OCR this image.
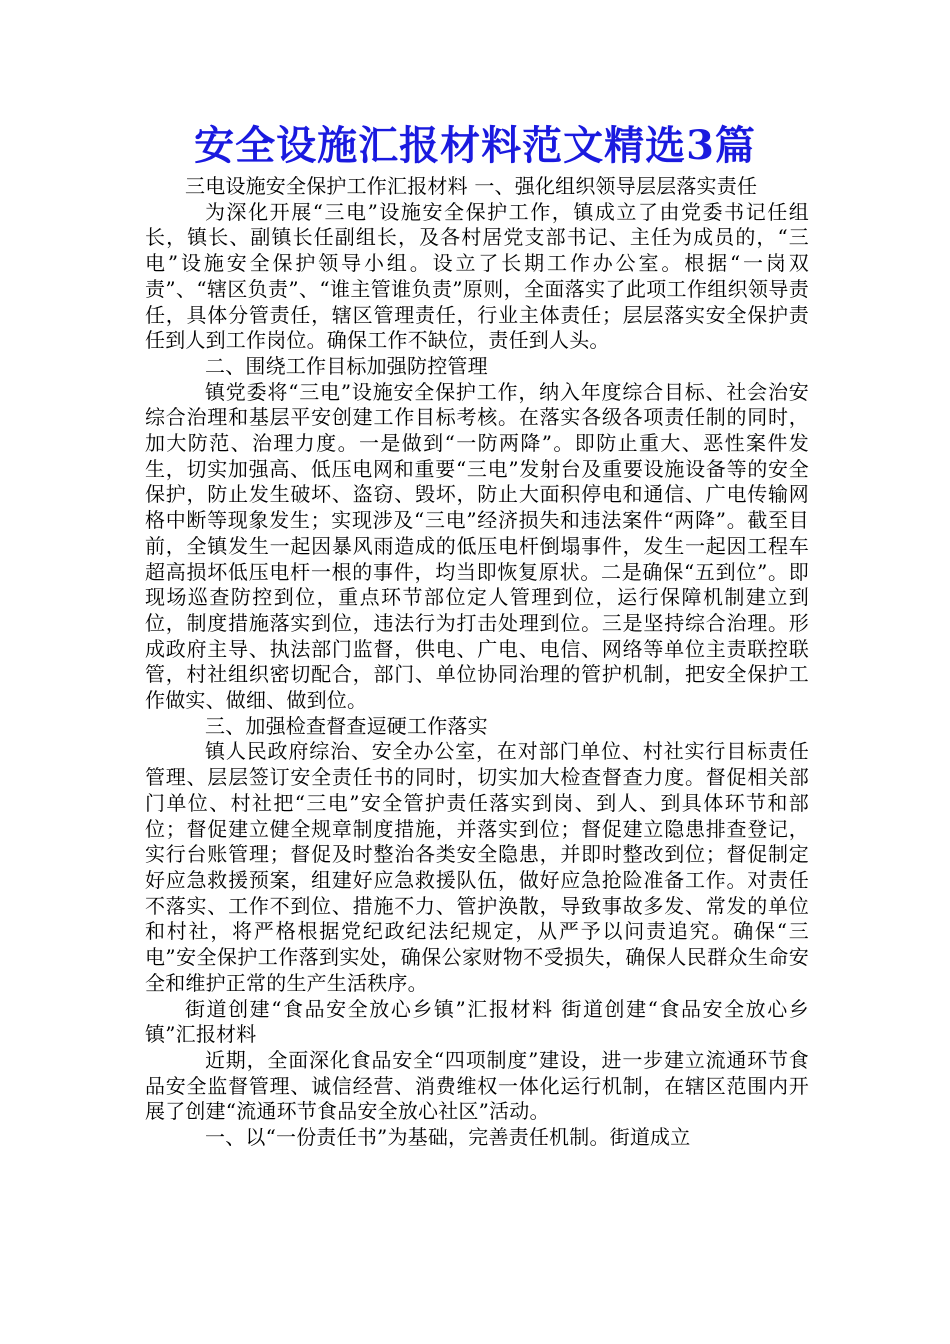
安全设施汇报材料范文精选3篇

三电设施安全保护工作汇报材料 一、强化组织领导层层落实责任

为深化开展“三电”设施安全保护工作，镇成立了由党委书记任组长，镇长、副镇长任副组长，及各村居党支部书记、主任为成员的，“三电”设施安全保护领导小组。设立了长期工作办公室。根据“一岗双责”、“辖区负责”、“谁主管谁负责”原则，全面落实了此项工作组织领导责任，具体分管责任，辖区管理责任，行业主体责任；层层落实安全保护责任到人到工作岗位。确保工作不缺位，责任到人头。

二、围绕工作目标加强防控管理

镇党委将“三电”设施安全保护工作，纳入年度综合目标、社会治安综合治理和基层平安创建工作目标考核。在落实各级各项责任制的同时，加大防范、治理力度。一是做到“一防两降”。即防止重大、恶性案件发生，切实加强高、低压电网和重要“三电”发射台及重要设施设备等的安全保护，防止发生破坏、盗窃、毁坏，防止大面积停电和通信、广电传输网格中断等现象发生；实现涉及“三电”经济损失和违法案件“两降”。截至目前，全镇发生一起因暴风雨造成的低压电杆倒塌事件，发生一起因工程车超高损坏低压电杆一根的事件，均当即恢复原状。二是确保“五到位”。即现场巡查防控到位，重点环节部位定人管理到位，运行保障机制建立到位，制度措施落实到位，违法行为打击处理到位。三是坚持综合治理。形成政府主导、执法部门监督，供电、广电、电信、网络等单位主责联控联管，村社组织密切配合，部门、单位协同治理的管护机制，把安全保护工作做实、做细、做到位。

三、加强检查督查逗硬工作落实

镇人民政府综治、安全办公室，在对部门单位、村社实行目标责任管理、层层签订安全责任书的同时，切实加大检查督查力度。督促相关部门单位、村社把“三电”安全管护责任落实到岗、到人、到具体环节和部位；督促建立健全规章制度措施，并落实到位；督促建立隐患排查登记，实行台账管理；督促及时整治各类安全隐患，并即时整改到位；督促制定好应急救援预案，组建好应急救援队伍，做好应急抢险准备工作。对责任不落实、工作不到位、措施不力、管护涣散，导致事故多发、常发的单位和村社，将严格根据党纪政纪法纪规定，从严予以问责追究。确保“三电”安全保护工作落到实处，确保公家财物不受损失，确保人民群众生命安全和维护正常的生产生活秩序。

街道创建“食品安全放心乡镇”汇报材料 街道创建“食品安全放心乡镇”汇报材料

近期，全面深化食品安全“四项制度”建设，进一步建立流通环节食品安全监督管理、诚信经营、消费维权一体化运行机制，在辖区范围内开展了创建“流通环节食品安全放心社区”活动。

一、以“一份责任书”为基础，完善责任机制。街道成立
